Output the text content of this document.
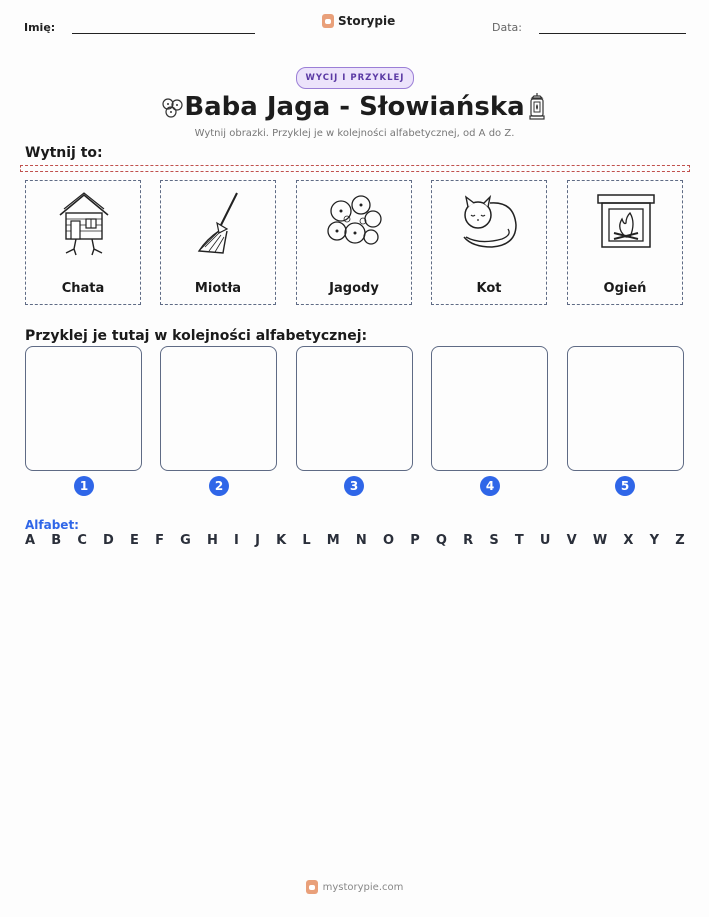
Imię:	Storypie	Data:
WYCIJ I PRZYKLEJ
Baba Jaga - Słowiańska
Wytnij obrazki. Przyklej je w kolejności alfabetycznej, od A do Z.
Wytnij to:
Chata	Miotła	Jagody	Kot	Ogień
Przyklej je tutaj w kolejności alfabetycznej:
1	2	3	4	5
Alfabet:
A B C D E F G H I J K L M N O P Q R S T U V W X Y Z
mystorypie.com
